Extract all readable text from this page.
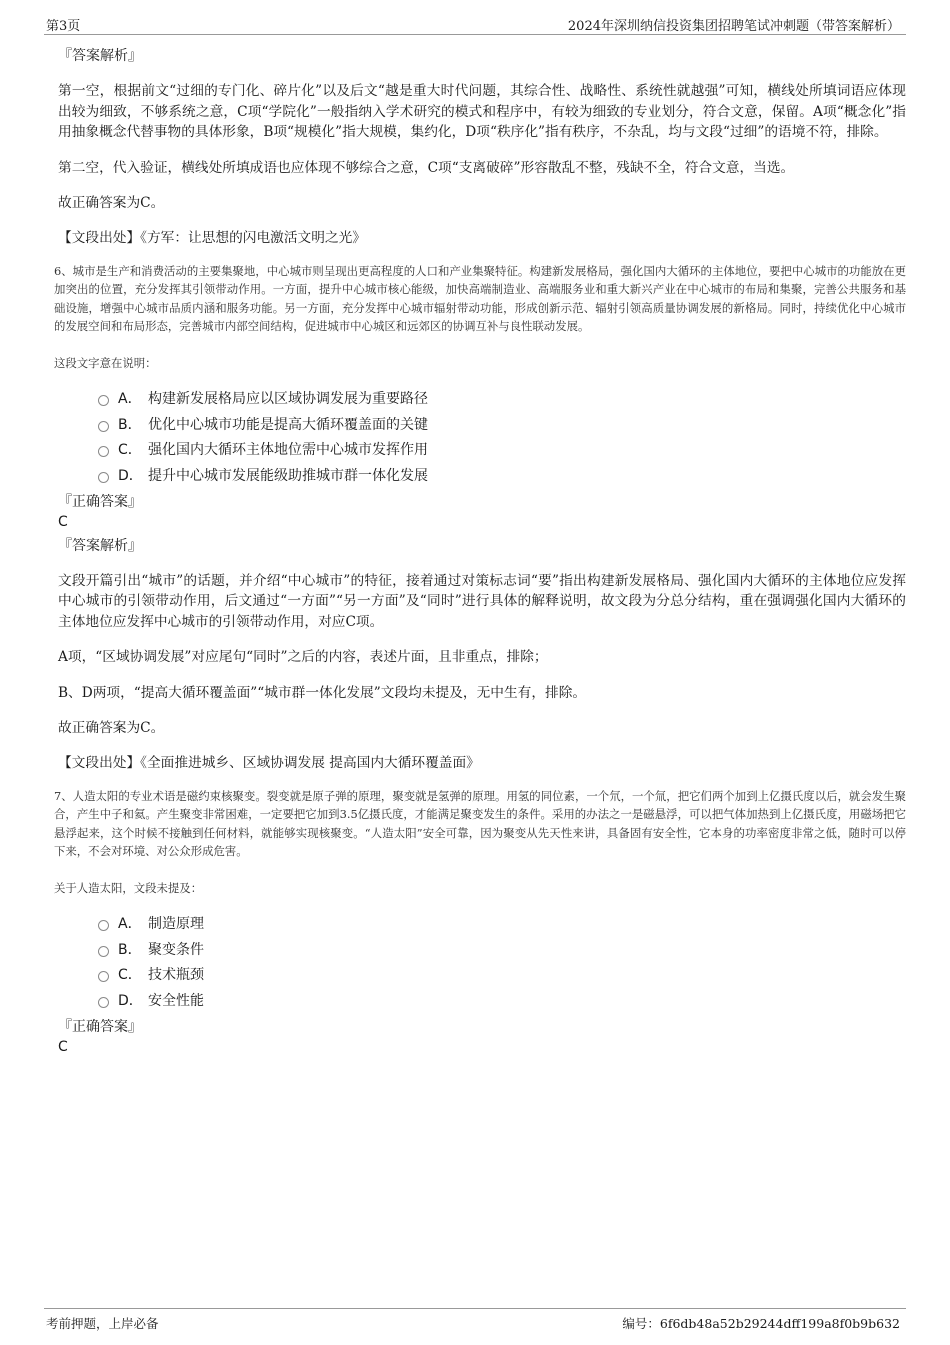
第3页	2024年深圳纳信投资集团招聘笔试冲刺题（带答案解析）
『答案解析』
第一空，根据前文“过细的专门化、碎片化”以及后文“越是重大时代问题，其综合性、战略性、系统性就越强”可知，横线处所填词语应体现出较为细致，不够系统之意，C项“学院化”一般指纳入学术研究的模式和程序中，有较为细致的专业划分，符合文意，保留。A项“概念化”指用抽象概念代替事物的具体形象，B项“规模化”指大规模，集约化，D项“秩序化”指有秩序，不杂乱，均与文段“过细”的语境不符，排除。
第二空，代入验证，横线处所填成语也应体现不够综合之意，C项“支离破碎”形容散乱不整，残缺不全，符合文意，当选。
故正确答案为C。
【文段出处】《方军：让思想的闪电激活文明之光》
6、城市是生产和消费活动的主要集聚地，中心城市则呈现出更高程度的人口和产业集聚特征。构建新发展格局，强化国内大循环的主体地位，要把中心城市的功能放在更加突出的位置，充分发挥其引领带动作用。一方面，提升中心城市核心能级，加快高端制造业、高端服务业和重大新兴产业在中心城市的布局和集聚，完善公共服务和基础设施，增强中心城市品质内涵和服务功能。另一方面，充分发挥中心城市辐射带动功能，形成创新示范、辐射引领高质量协调发展的新格局。同时，持续优化中心城市的发展空间和布局形态，完善城市内部空间结构，促进城市中心城区和远郊区的协调互补与良性联动发展。
这段文字意在说明：
A． 构建新发展格局应以区域协调发展为重要路径
B． 优化中心城市功能是提高大循环覆盖面的关键
C． 强化国内大循环主体地位需中心城市发挥作用
D． 提升中心城市发展能级助推城市群一体化发展
『正确答案』
C
『答案解析』
文段开篇引出“城市”的话题，并介绍“中心城市”的特征，接着通过对策标志词“要”指出构建新发展格局、强化国内大循环的主体地位应发挥中心城市的引领带动作用，后文通过“一方面”“另一方面”及“同时”进行具体的解释说明，故文段为分总分结构，重在强调强化国内大循环的主体地位应发挥中心城市的引领带动作用，对应C项。
A项，“区域协调发展”对应尾句“同时”之后的内容，表述片面，且非重点，排除；
B、D两项，“提高大循环覆盖面”“城市群一体化发展”文段均未提及，无中生有，排除。
故正确答案为C。
【文段出处】《全面推进城乡、区域协调发展 提高国内大循环覆盖面》
7、人造太阳的专业术语是磁约束核聚变。裂变就是原子弹的原理，聚变就是氢弹的原理。用氢的同位素，一个氘，一个氚，把它们两个加到上亿摄氏度以后，就会发生聚合，产生中子和氦。产生聚变非常困难，一定要把它加到3.5亿摄氏度，才能满足聚变发生的条件。采用的办法之一是磁悬浮，可以把气体加热到上亿摄氏度，用磁场把它悬浮起来，这个时候不接触到任何材料，就能够实现核聚变。“人造太阳”安全可靠，因为聚变从先天性来讲，具备固有安全性，它本身的功率密度非常之低，随时可以停下来，不会对环境、对公众形成危害。
关于人造太阳，文段未提及：
A． 制造原理
B． 聚变条件
C． 技术瓶颈
D． 安全性能
『正确答案』
C
考前押题，上岸必备	编号：6f6db48a52b29244dff199a8f0b9b632
